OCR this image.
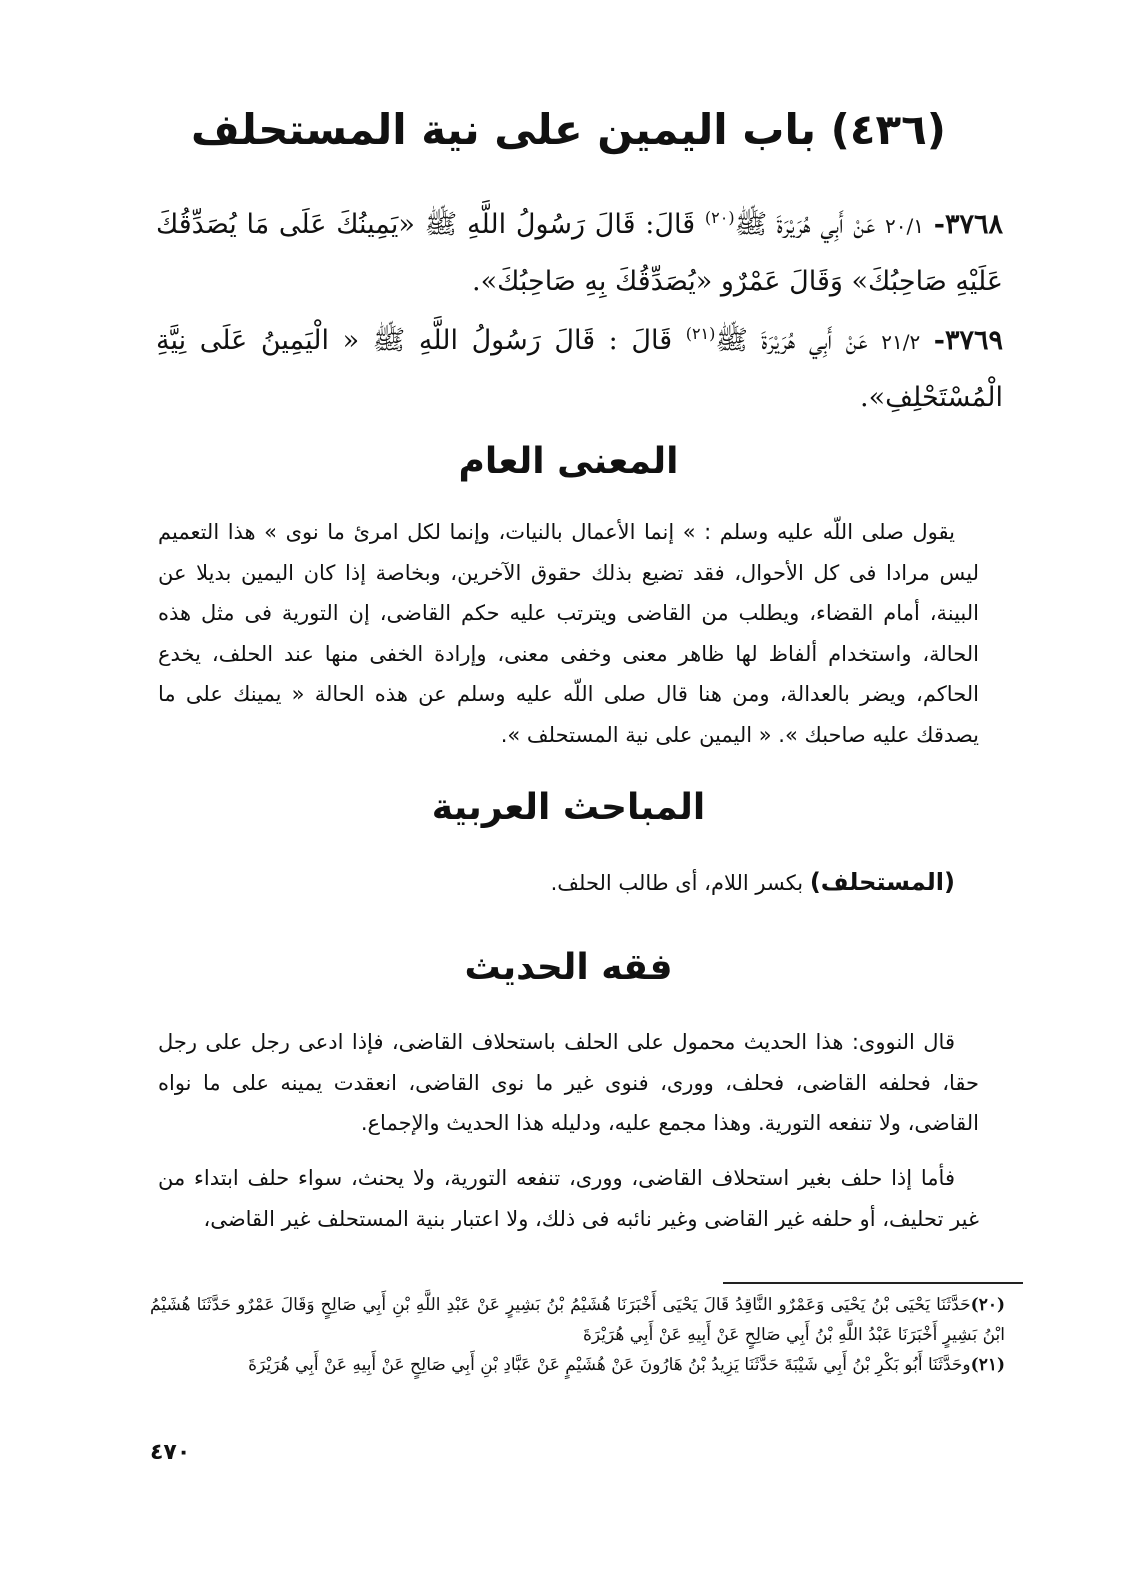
(٤٣٦) باب اليمين على نية المستحلف

٣٧٦٨- ٢٠/١ عَنْ أَبِي هُرَيْرَةَ ﷺ$^{(٢٠)}$ قَالَ: قَالَ رَسُولُ اللَّهِ ﷺ «يَمِينُكَ عَلَى مَا يُصَدِّقُكَ عَلَيْهِ صَاحِبُكَ» وَقَالَ عَمْرٌو «يُصَدِّقُكَ بِهِ صَاحِبُكَ».

٣٧٦٩- ٢١/٢ عَنْ أَبِي هُرَيْرَةَ ﷺ$^{(٢١)}$ قَالَ : قَالَ رَسُولُ اللَّهِ ﷺ « الْيَمِينُ عَلَى نِيَّةِ الْمُسْتَحْلِفِ».

المعنى العام

يقول صلى اللّه عليه وسلم : » إنما الأعمال بالنيات، وإنما لكل امرئ ما نوى » هذا التعميم ليس مرادا فى كل الأحوال، فقد تضيع بذلك حقوق الآخرين، وبخاصة إذا كان اليمين بديلا عن البينة، أمام القضاء، ويطلب من القاضى ويترتب عليه حكم القاضى، إن التورية فى مثل هذه الحالة، واستخدام ألفاظ لها ظاهر معنى وخفى معنى، وإرادة الخفى منها عند الحلف، يخدع الحاكم، ويضر بالعدالة، ومن هنا قال صلى اللّه عليه وسلم عن هذه الحالة « يمينك على ما يصدقك عليه صاحبك ». « اليمين على نية المستحلف ».

المباحث العربية

(المستحلف) بكسر اللام، أى طالب الحلف.

فقه الحديث

قال النووى: هذا الحديث محمول على الحلف باستحلاف القاضى، فإذا ادعى رجل على رجل حقا، فحلفه القاضى، فحلف، وورى، فنوى غير ما نوى القاضى، انعقدت يمينه على ما نواه القاضى، ولا تنفعه التورية. وهذا مجمع عليه، ودليله هذا الحديث والإجماع.

فأما إذا حلف بغير استحلاف القاضى، وورى، تنفعه التورية، ولا يحنث، سواء حلف ابتداء من غير تحليف، أو حلفه غير القاضى وغير نائبه فى ذلك، ولا اعتبار بنية المستحلف غير القاضى،

(٢٠)حَدَّثَنَا يَحْيَى بْنُ يَحْيَى وَعَمْرٌو النَّاقِدُ قَالَ يَحْيَى أَخْبَرَنَا هُشَيْمُ بْنُ بَشِيرٍ عَنْ عَبْدِ اللَّهِ بْنِ أَبِي صَالِحٍ وَقَالَ عَمْرٌو حَدَّثَنَا هُشَيْمُ ابْنُ بَشِيرٍ أَخْبَرَنَا عَبْدُ اللَّهِ بْنُ أَبِي صَالِحٍ عَنْ أَبِيهِ عَنْ أَبِي هُرَيْرَةَ

(٢١)وحَدَّثَنَا أَبُو بَكْرِ بْنُ أَبِي شَيْبَةَ حَدَّثَنَا يَزِيدُ بْنُ هَارُونَ عَنْ هُشَيْمٍ عَنْ عَبَّادِ بْنِ أَبِي صَالِحٍ عَنْ أَبِيهِ عَنْ أَبِي هُرَيْرَةَ

٤٧٠
